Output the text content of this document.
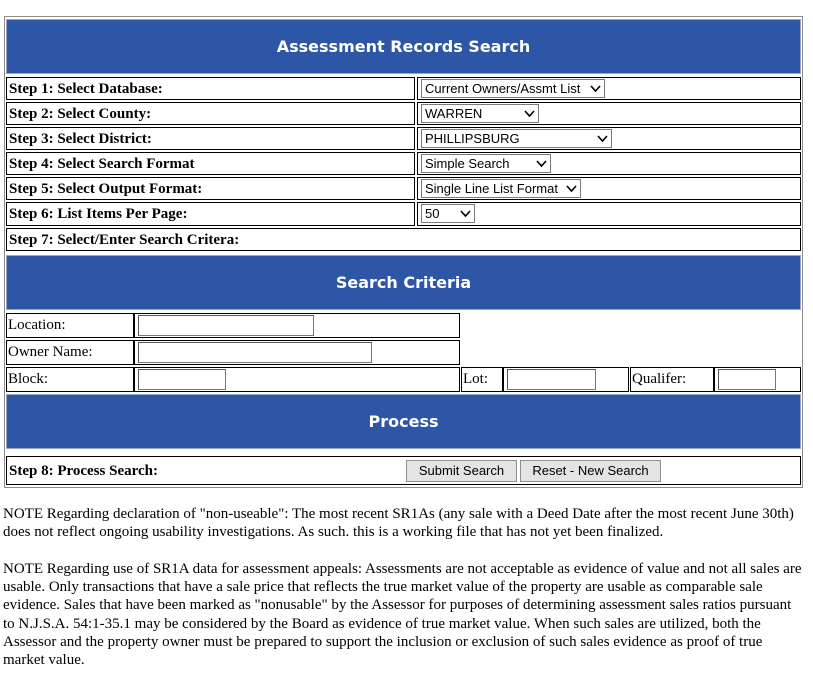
Assessment Records Search
Step 1: Select Database:	Current Owners/Assmt List
Step 2: Select County:	WARREN
Step 3: Select District:	PHILLIPSBURG
Step 4: Select Search Format	Simple Search
Step 5: Select Output Format:	Single Line List Format
Step 6: List Items Per Page:	50
Step 7: Select/Enter Search Critera:
Search Criteria
Location:
Owner Name:
Block:	Lot:	Qualifer:
Process
Step 8: Process Search:	Submit Search	Reset - New Search
NOTE Regarding declaration of "non-useable": The most recent SR1As (any sale with a Deed Date after the most recent June 30th) does not reflect ongoing usability investigations. As such. this is a working file that has not yet been finalized.
NOTE Regarding use of SR1A data for assessment appeals: Assessments are not acceptable as evidence of value and not all sales are usable. Only transactions that have a sale price that reflects the true market value of the property are usable as comparable sale evidence. Sales that have been marked as "nonusable" by the Assessor for purposes of determining assessment sales ratios pursuant to N.J.S.A. 54:1-35.1 may be considered by the Board as evidence of true market value. When such sales are utilized, both the Assessor and the property owner must be prepared to support the inclusion or exclusion of such sales evidence as proof of true market value.
